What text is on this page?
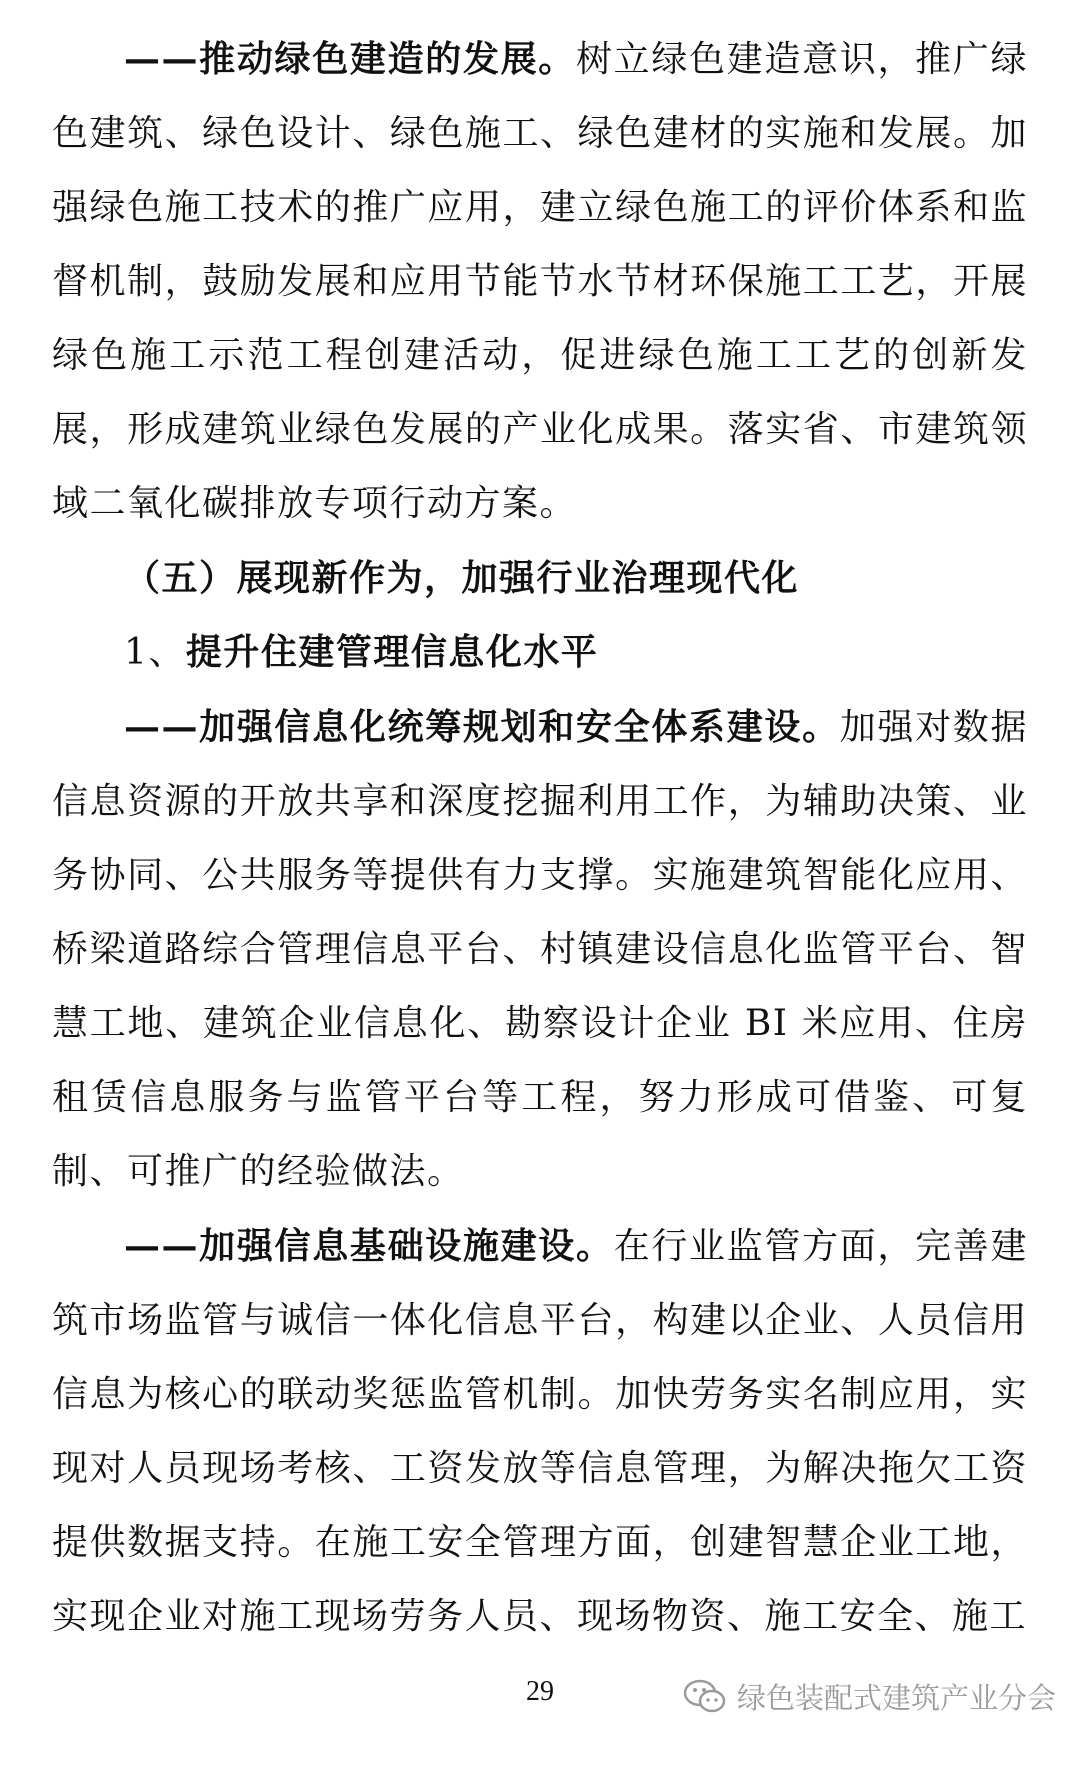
——推动绿色建造的发展。树立绿色建造意识，推广绿色建筑、绿色设计、绿色施工、绿色建材的实施和发展。加强绿色施工技术的推广应用，建立绿色施工的评价体系和监督机制，鼓励发展和应用节能节水节材环保施工工艺，开展绿色施工示范工程创建活动，促进绿色施工工艺的创新发展，形成建筑业绿色发展的产业化成果。落实省、市建筑领域二氧化碳排放专项行动方案。

（五）展现新作为，加强行业治理现代化

1、提升住建管理信息化水平

——加强信息化统筹规划和安全体系建设。加强对数据信息资源的开放共享和深度挖掘利用工作，为辅助决策、业务协同、公共服务等提供有力支撑。实施建筑智能化应用、桥梁道路综合管理信息平台、村镇建设信息化监管平台、智慧工地、建筑企业信息化、勘察设计企业 BI 米应用、住房租赁信息服务与监管平台等工程，努力形成可借鉴、可复制、可推广的经验做法。

——加强信息基础设施建设。在行业监管方面，完善建筑市场监管与诚信一体化信息平台，构建以企业、人员信用信息为核心的联动奖惩监管机制。加快劳务实名制应用，实现对人员现场考核、工资发放等信息管理，为解决拖欠工资提供数据支持。在施工安全管理方面，创建智慧企业工地，实现企业对施工现场劳务人员、现场物资、施工安全、施工

29	绿色装配式建筑产业分会
